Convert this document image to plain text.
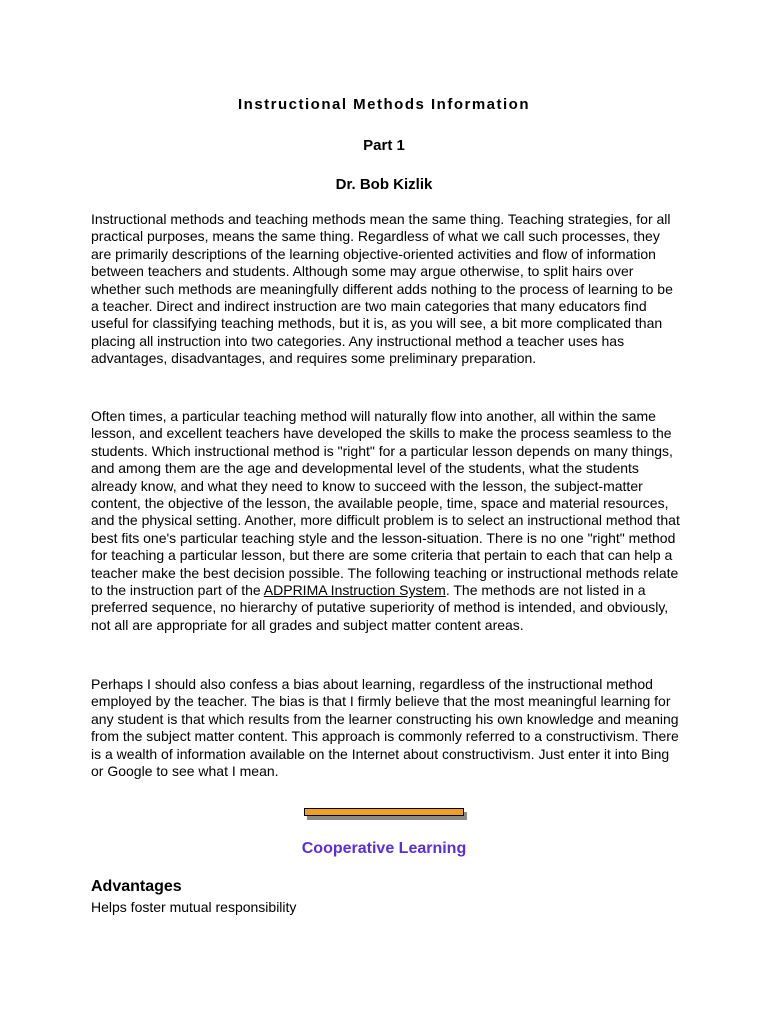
Instructional Methods Information
Part 1
Dr. Bob Kizlik

Instructional methods and teaching methods mean the same thing. Teaching strategies, for all practical purposes, means the same thing. Regardless of what we call such processes, they are primarily descriptions of the learning objective-oriented activities and flow of information between teachers and students. Although some may argue otherwise, to split hairs over whether such methods are meaningfully different adds nothing to the process of learning to be a teacher. Direct and indirect instruction are two main categories that many educators find useful for classifying teaching methods, but it is, as you will see, a bit more complicated than placing all instruction into two categories. Any instructional method a teacher uses has advantages, disadvantages, and requires some preliminary preparation.

Often times, a particular teaching method will naturally flow into another, all within the same lesson, and excellent teachers have developed the skills to make the process seamless to the students. Which instructional method is "right" for a particular lesson depends on many things, and among them are the age and developmental level of the students, what the students already know, and what they need to know to succeed with the lesson, the subject-matter content, the objective of the lesson, the available people, time, space and material resources, and the physical setting. Another, more difficult problem is to select an instructional method that best fits one's particular teaching style and the lesson-situation. There is no one "right" method for teaching a particular lesson, but there are some criteria that pertain to each that can help a teacher make the best decision possible. The following teaching or instructional methods relate to the instruction part of the ADPRIMA Instruction System. The methods are not listed in a preferred sequence, no hierarchy of putative superiority of method is intended, and obviously, not all are appropriate for all grades and subject matter content areas.

Perhaps I should also confess a bias about learning, regardless of the instructional method employed by the teacher. The bias is that I firmly believe that the most meaningful learning for any student is that which results from the learner constructing his own knowledge and meaning from the subject matter content. This approach is commonly referred to a constructivism. There is a wealth of information available on the Internet about constructivism. Just enter it into Bing or Google to see what I mean.

Cooperative Learning
Advantages
Helps foster mutual responsibility
